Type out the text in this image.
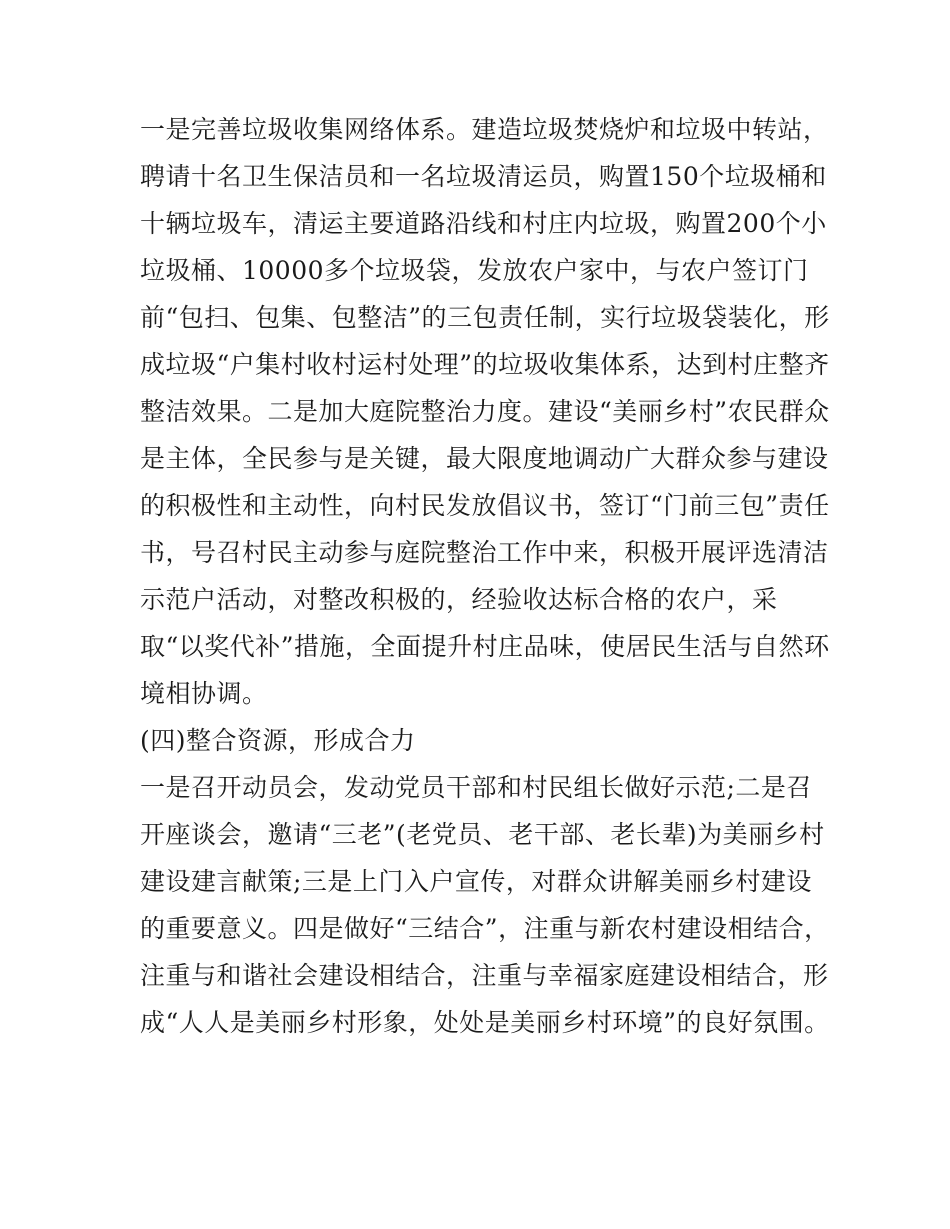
一是完善垃圾收集网络体系。建造垃圾焚烧炉和垃圾中转站，
聘请十名卫生保洁员和一名垃圾清运员，购置150个垃圾桶和
十辆垃圾车，清运主要道路沿线和村庄内垃圾，购置200个小
垃圾桶、10000多个垃圾袋，发放农户家中，与农户签订门
前“包扫、包集、包整洁”的三包责任制，实行垃圾袋装化，形
成垃圾“户集村收村运村处理”的垃圾收集体系，达到村庄整齐
整洁效果。二是加大庭院整治力度。建设“美丽乡村”农民群众
是主体，全民参与是关键，最大限度地调动广大群众参与建设
的积极性和主动性，向村民发放倡议书，签订“门前三包”责任
书，号召村民主动参与庭院整治工作中来，积极开展评选清洁
示范户活动，对整改积极的，经验收达标合格的农户，采
取“以奖代补”措施，全面提升村庄品味，使居民生活与自然环
境相协调。
(四)整合资源，形成合力
一是召开动员会，发动党员干部和村民组长做好示范;二是召
开座谈会，邀请“三老”(老党员、老干部、老长辈)为美丽乡村
建设建言献策;三是上门入户宣传，对群众讲解美丽乡村建设
的重要意义。四是做好“三结合”，注重与新农村建设相结合，
注重与和谐社会建设相结合，注重与幸福家庭建设相结合，形
成“人人是美丽乡村形象，处处是美丽乡村环境”的良好氛围。
